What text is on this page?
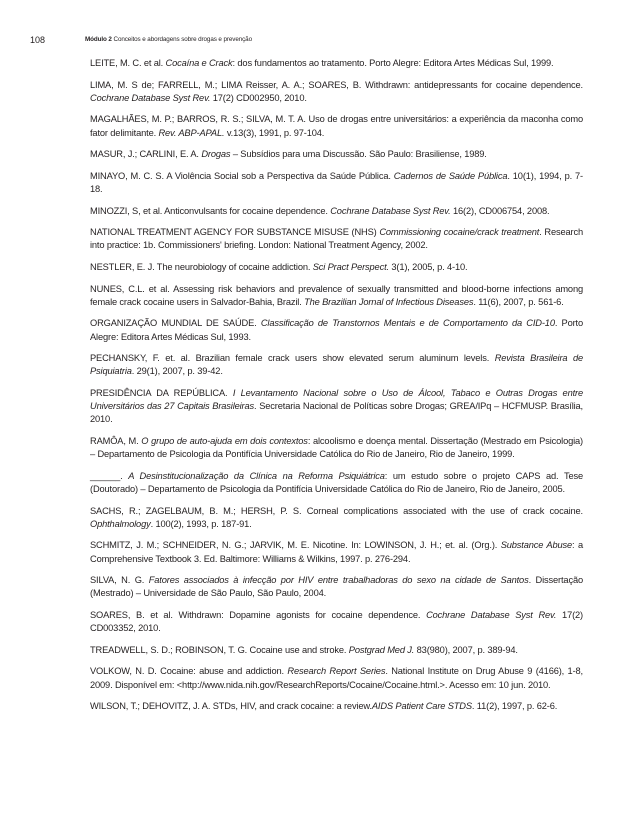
108	Módulo 2 Conceitos e abordagens sobre drogas e prevenção

LEITE, M. C. et al. Cocaína e Crack: dos fundamentos ao tratamento. Porto Alegre: Editora Artes Médicas Sul, 1999.

LIMA, M. S de; FARRELL, M.; LIMA Reisser, A. A.; SOARES, B. Withdrawn: antidepressants for cocaine dependence. Cochrane Database Syst Rev. 17(2) CD002950, 2010.

MAGALHÃES, M. P.; BARROS, R. S.; SILVA, M. T. A. Uso de drogas entre universitários: a experiência da maconha como fator delimitante. Rev. ABP-APAL. v.13(3), 1991, p. 97-104.

MASUR, J.; CARLINI, E. A. Drogas – Subsídios para uma Discussão. São Paulo: Brasiliense, 1989.

MINAYO, M. C. S. A Violência Social sob a Perspectiva da Saúde Pública. Cadernos de Saúde Pública. 10(1), 1994, p. 7-18.

MINOZZI, S, et al. Anticonvulsants for cocaine dependence. Cochrane Database Syst Rev. 16(2), CD006754, 2008.

NATIONAL TREATMENT AGENCY FOR SUBSTANCE MISUSE (NHS) Commissioning cocaine/crack treatment. Research into practice: 1b. Commissioners' briefing. London: National Treatment Agency, 2002.

NESTLER, E. J. The neurobiology of cocaine addiction. Sci Pract Perspect. 3(1), 2005, p. 4-10.

NUNES, C.L. et al. Assessing risk behaviors and prevalence of sexually transmitted and blood-borne infections among female crack cocaine users in Salvador-Bahia, Brazil. The Brazilian Jornal of Infectious Diseases. 11(6), 2007, p. 561-6.

ORGANIZAÇÃO MUNDIAL DE SAÚDE. Classificação de Transtornos Mentais e de Comportamento da CID-10. Porto Alegre: Editora Artes Médicas Sul, 1993.

PECHANSKY, F. et. al. Brazilian female crack users show elevated serum aluminum levels. Revista Brasileira de Psiquiatria. 29(1), 2007, p. 39-42.

PRESIDÊNCIA DA REPÚBLICA. I Levantamento Nacional sobre o Uso de Álcool, Tabaco e Outras Drogas entre Universitários das 27 Capitais Brasileiras. Secretaria Nacional de Políticas sobre Drogas; GREA/IPq – HCFMUSP. Brasília, 2010.

RAMÔA, M. O grupo de auto-ajuda em dois contextos: alcoolismo e doença mental. Dissertação (Mestrado em Psicologia) – Departamento de Psicologia da Pontifícia Universidade Católica do Rio de Janeiro, Rio de Janeiro, 1999.

______. A Desinstitucionalização da Clínica na Reforma Psiquiátrica: um estudo sobre o projeto CAPS ad. Tese (Doutorado) – Departamento de Psicologia da Pontifícia Universidade Católica do Rio de Janeiro, Rio de Janeiro, 2005.

SACHS, R.; ZAGELBAUM, B. M.; HERSH, P. S. Corneal complications associated with the use of crack cocaine. Ophthalmology. 100(2), 1993, p. 187-91.

SCHMITZ, J. M.; SCHNEIDER, N. G.; JARVIK, M. E. Nicotine. In: LOWINSON, J. H.; et. al. (Org.). Substance Abuse: a Comprehensive Textbook 3. Ed. Baltimore: Williams & Wilkins, 1997. p. 276-294.

SILVA, N. G. Fatores associados à infecção por HIV entre trabalhadoras do sexo na cidade de Santos. Dissertação (Mestrado) – Universidade de São Paulo, São Paulo, 2004.

SOARES, B. et al. Withdrawn: Dopamine agonists for cocaine dependence. Cochrane Database Syst Rev. 17(2) CD003352, 2010.

TREADWELL, S. D.; ROBINSON, T. G. Cocaine use and stroke. Postgrad Med J. 83(980), 2007, p. 389-94.

VOLKOW, N. D. Cocaine: abuse and addiction. Research Report Series. National Institute on Drug Abuse 9 (4166), 1-8, 2009. Disponível em: <http://www.nida.nih.gov/ResearchReports/Cocaine/Cocaine.html.>. Acesso em: 10 jun. 2010.

WILSON, T.; DEHOVITZ, J. A. STDs, HIV, and crack cocaine: a review.AIDS Patient Care STDS. 11(2), 1997, p. 62-6.
